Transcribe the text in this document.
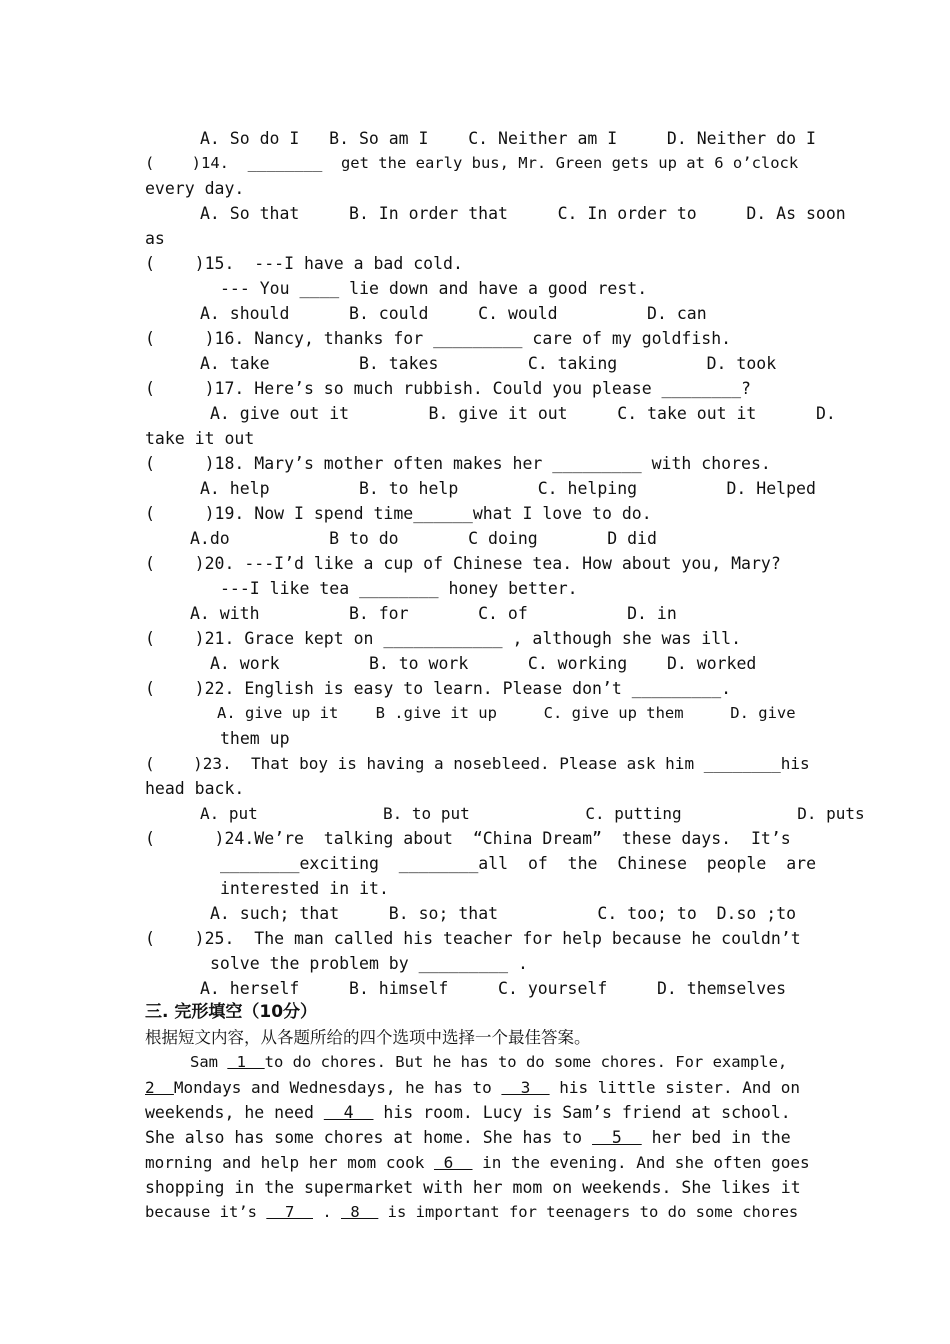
A. So do I   B. So am I    C. Neither am I     D. Neither do I
(    )14.  ________  get the early bus, Mr. Green gets up at 6 o’clock
every day.
A. So that     B. In order that     C. In order to     D. As soon
as
(    )15.  ---I have a bad cold.
--- You ____ lie down and have a good rest.
A. should      B. could     C. would         D. can
(     )16. Nancy, thanks for _________ care of my goldfish.
A. take         B. takes         C. taking         D. took
(     )17. Here’s so much rubbish. Could you please ________?
A. give out it        B. give it out     C. take out it      D.
take it out
(     )18. Mary’s mother often makes her _________ with chores.
A. help         B. to help        C. helping         D. Helped
(     )19. Now I spend time______what I love to do.
A.do          B to do       C doing       D did
(    )20. ---I’d like a cup of Chinese tea. How about you, Mary?
---I like tea ________ honey better.
A. with         B. for       C. of          D. in
(    )21. Grace kept on ____________ , although she was ill.
A. work         B. to work      C. working    D. worked
(    )22. English is easy to learn. Please don’t _________.
A. give up it    B .give it up     C. give up them     D. give
them up
(    )23.  That boy is having a nosebleed. Please ask him ________his
head back.
A. put             B. to put            C. putting            D. puts
(      )24.We’re  talking about  “China Dream”  these days.  It’s
________exciting  ________all  of  the  Chinese  people  are
interested in it.
A. such; that     B. so; that          C. too; to  D.so ;to
(    )25.  The man called his teacher for help because he couldn’t
solve the problem by _________ .
A. herself     B. himself     C. yourself     D. themselves
三. 完形填空（10分）
根据短文内容，从各题所给的四个选项中选择一个最佳答案。
Sam  1  to do chores. But he has to do some chores. For example,
2  Mondays and Wednesdays, he has to   3   his little sister. And on
weekends, he need   4   his room. Lucy is Sam’s friend at school.
She also has some chores at home. She has to   5   her bed in the
morning and help her mom cook  6   in the evening. And she often goes
shopping in the supermarket with her mom on weekends. She likes it
because it’s   7   .  8   is important for teenagers to do some chores
